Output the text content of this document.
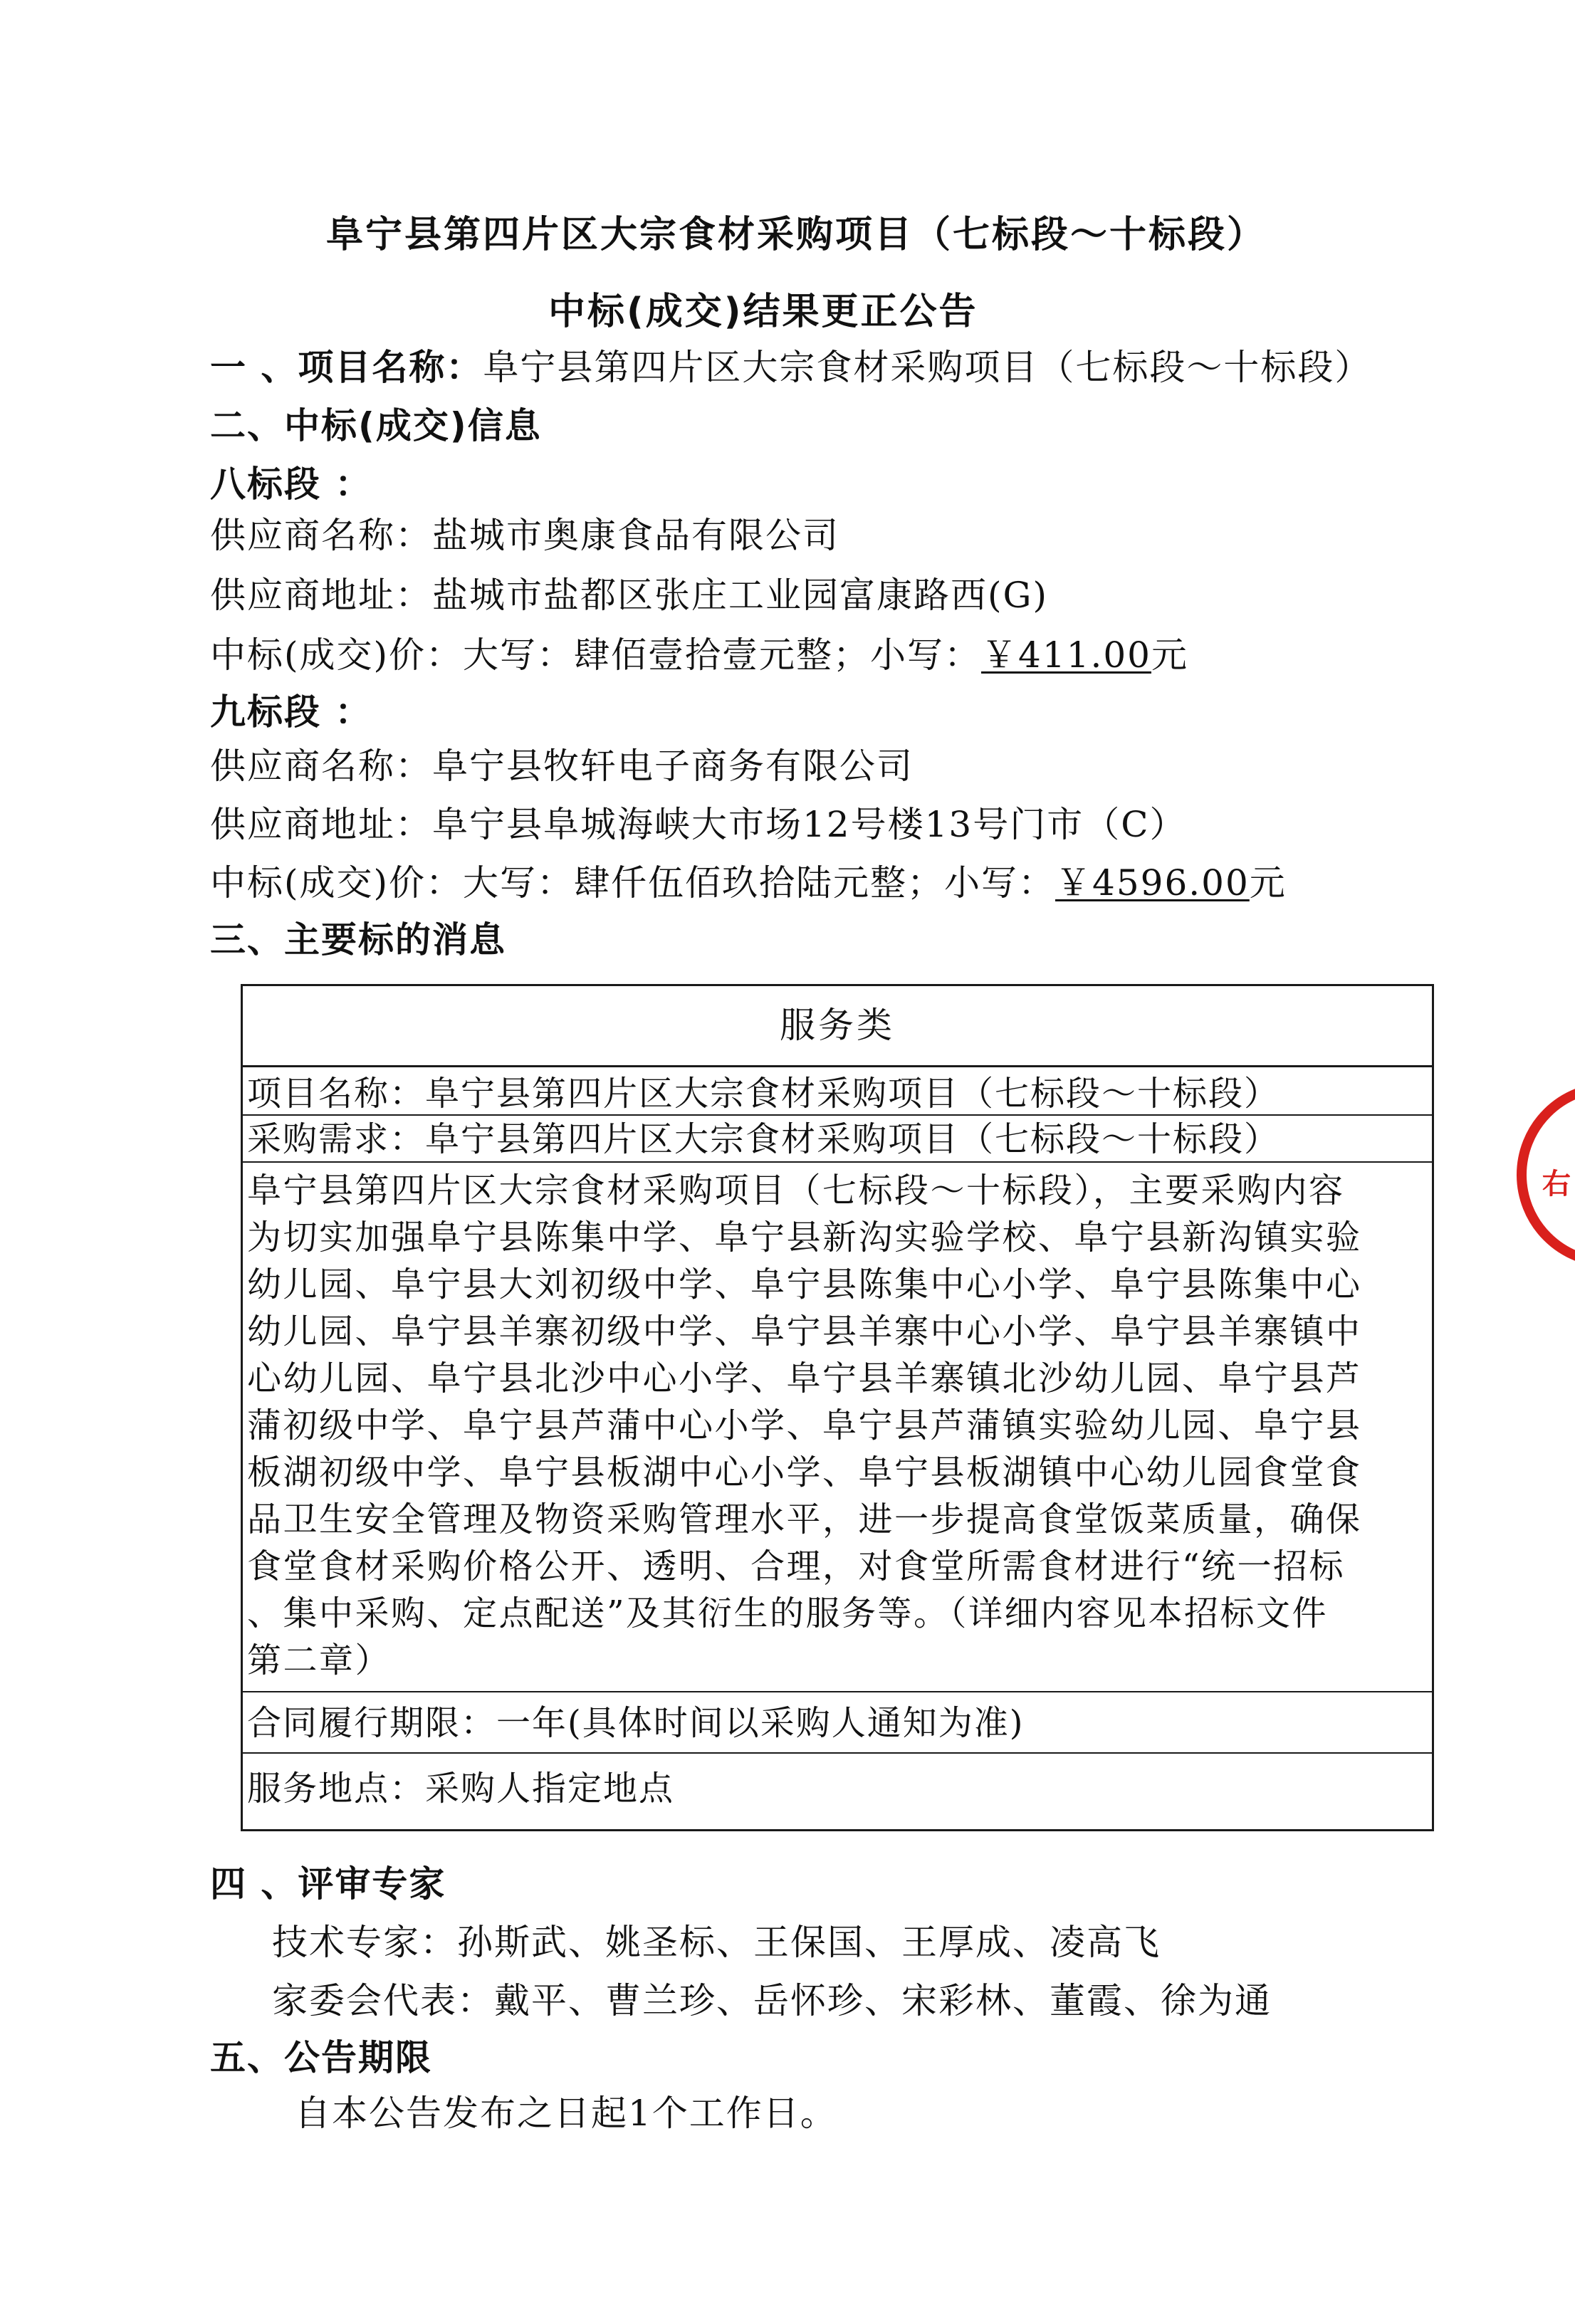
阜宁县第四片区大宗食材采购项目（七标段～十标段）
中标(成交)结果更正公告
一 、项目名称：阜宁县第四片区大宗食材采购项目（七标段～十标段）
二、中标(成交)信息
八标段 ：
供应商名称：盐城市奥康食品有限公司
供应商地址：盐城市盐都区张庄工业园富康路西(G)
中标(成交)价：大写：肆佰壹拾壹元整；小写：￥411.00元
九标段 ：
供应商名称：阜宁县牧轩电子商务有限公司
供应商地址：阜宁县阜城海峡大市场12号楼13号门市（C）
中标(成交)价：大写：肆仟伍佰玖拾陆元整；小写：￥4596.00元
三、主要标的消息
服务类
项目名称：阜宁县第四片区大宗食材采购项目（七标段～十标段）
采购需求：阜宁县第四片区大宗食材采购项目（七标段～十标段）
阜宁县第四片区大宗食材采购项目（七标段～十标段），主要采购内容
为切实加强阜宁县陈集中学、阜宁县新沟实验学校、阜宁县新沟镇实验
幼儿园、阜宁县大刘初级中学、阜宁县陈集中心小学、阜宁县陈集中心
幼儿园、阜宁县羊寨初级中学、阜宁县羊寨中心小学、阜宁县羊寨镇中
心幼儿园、阜宁县北沙中心小学、阜宁县羊寨镇北沙幼儿园、阜宁县芦
蒲初级中学、阜宁县芦蒲中心小学、阜宁县芦蒲镇实验幼儿园、阜宁县
板湖初级中学、阜宁县板湖中心小学、阜宁县板湖镇中心幼儿园食堂食
品卫生安全管理及物资采购管理水平，进一步提高食堂饭菜质量，确保
食堂食材采购价格公开、透明、合理，对食堂所需食材进行“统一招标
、集中采购、定点配送”及其衍生的服务等。（详细内容见本招标文件
第二章）
合同履行期限：一年(具体时间以采购人通知为准)
服务地点：采购人指定地点
四 、评审专家
技术专家：孙斯武、姚圣标、王保国、王厚成、凌高飞
家委会代表：戴平、曹兰珍、岳怀珍、宋彩林、董霞、徐为通
五、公告期限
自本公告发布之日起1个工作日。
右
